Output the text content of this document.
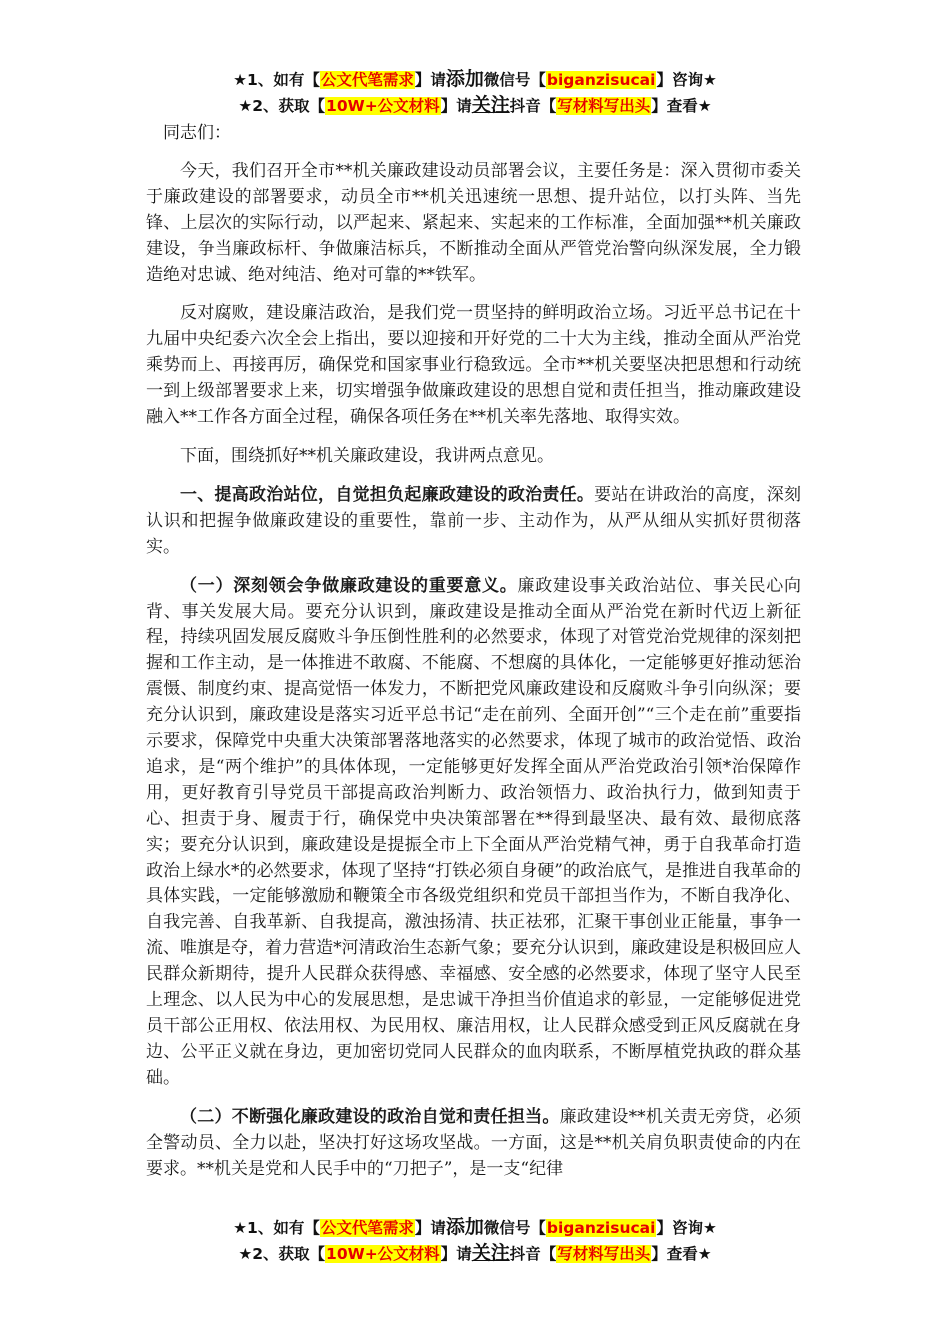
★1、如有【公文代笔需求】请添加微信号【biganzisucai】咨询★
★2、获取【10W+公文材料】请关注抖音【写材料写出头】查看★

同志们：

今天，我们召开全市**机关廉政建设动员部署会议，主要任务是：深入贯彻市委关于廉政建设的部署要求，动员全市**机关迅速统一思想、提升站位，以打头阵、当先锋、上层次的实际行动，以严起来、紧起来、实起来的工作标准，全面加强**机关廉政建设，争当廉政标杆、争做廉洁标兵，不断推动全面从严管党治警向纵深发展，全力锻造绝对忠诚、绝对纯洁、绝对可靠的**铁军。

反对腐败，建设廉洁政治，是我们党一贯坚持的鲜明政治立场。习近平总书记在十九届中央纪委六次全会上指出，要以迎接和开好党的二十大为主线，推动全面从严治党乘势而上、再接再厉，确保党和国家事业行稳致远。全市**机关要坚决把思想和行动统一到上级部署要求上来，切实增强争做廉政建设的思想自觉和责任担当，推动廉政建设融入**工作各方面全过程，确保各项任务在**机关率先落地、取得实效。

下面，围绕抓好**机关廉政建设，我讲两点意见。

一、提高政治站位，自觉担负起廉政建设的政治责任。要站在讲政治的高度，深刻认识和把握争做廉政建设的重要性，靠前一步、主动作为，从严从细从实抓好贯彻落实。

（一）深刻领会争做廉政建设的重要意义。廉政建设事关政治站位、事关民心向背、事关发展大局。要充分认识到，廉政建设是推动全面从严治党在新时代迈上新征程，持续巩固发展反腐败斗争压倒性胜利的必然要求，体现了对管党治党规律的深刻把握和工作主动，是一体推进不敢腐、不能腐、不想腐的具体化，一定能够更好推动惩治震慑、制度约束、提高觉悟一体发力，不断把党风廉政建设和反腐败斗争引向纵深；要充分认识到，廉政建设是落实习近平总书记“走在前列、全面开创”“三个走在前”重要指示要求，保障党中央重大决策部署落地落实的必然要求，体现了城市的政治觉悟、政治追求，是“两个维护”的具体体现，一定能够更好发挥全面从严治党政治引领*治保障作用，更好教育引导党员干部提高政治判断力、政治领悟力、政治执行力，做到知责于心、担责于身、履责于行，确保党中央决策部署在**得到最坚决、最有效、最彻底落实；要充分认识到，廉政建设是提振全市上下全面从严治党精气神，勇于自我革命打造政治上绿水*的必然要求，体现了坚持“打铁必须自身硬”的政治底气，是推进自我革命的具体实践，一定能够激励和鞭策全市各级党组织和党员干部担当作为，不断自我净化、自我完善、自我革新、自我提高，激浊扬清、扶正祛邪，汇聚干事创业正能量，事争一流、唯旗是夺，着力营造*河清政治生态新气象；要充分认识到，廉政建设是积极回应人民群众新期待，提升人民群众获得感、幸福感、安全感的必然要求，体现了坚守人民至上理念、以人民为中心的发展思想，是忠诚干净担当价值追求的彰显，一定能够促进党员干部公正用权、依法用权、为民用权、廉洁用权，让人民群众感受到正风反腐就在身边、公平正义就在身边，更加密切党同人民群众的血肉联系，不断厚植党执政的群众基础。

（二）不断强化廉政建设的政治自觉和责任担当。廉政建设**机关责无旁贷，必须全警动员、全力以赴，坚决打好这场攻坚战。一方面，这是**机关肩负职责使命的内在要求。**机关是党和人民手中的“刀把子”，是一支“纪律

★1、如有【公文代笔需求】请添加微信号【biganzisucai】咨询★
★2、获取【10W+公文材料】请关注抖音【写材料写出头】查看★
